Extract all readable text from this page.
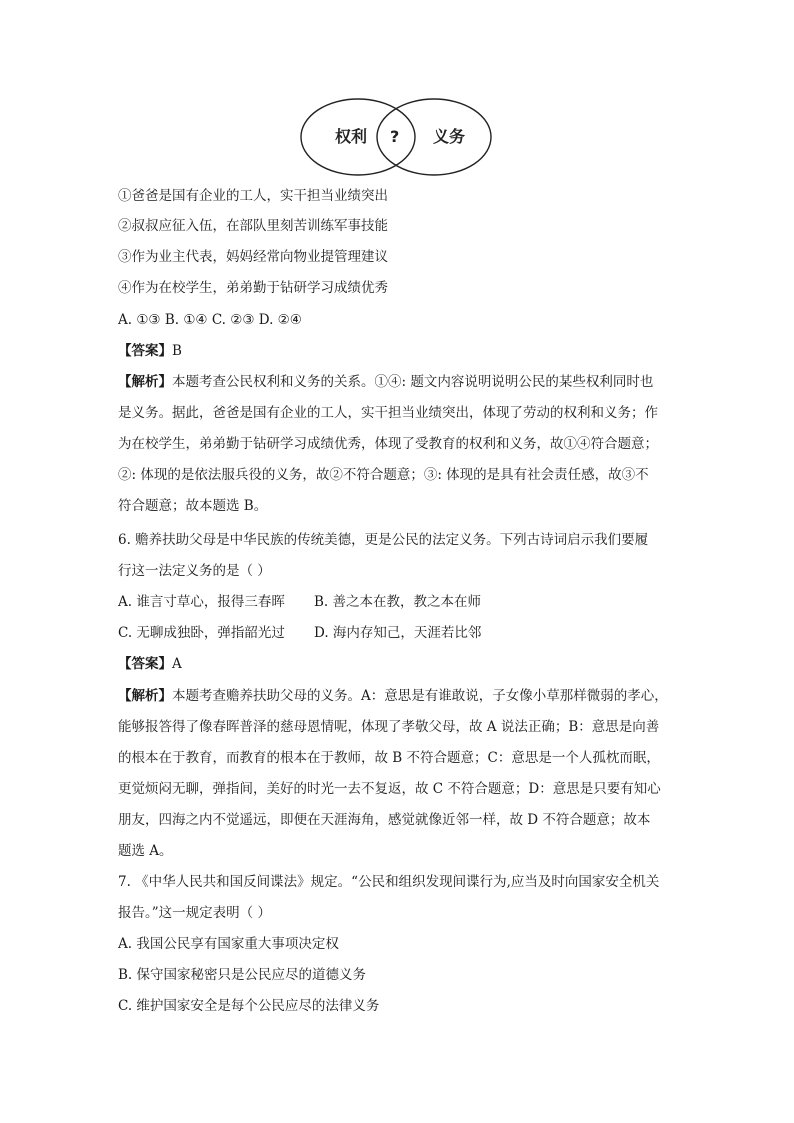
权利 ? 义务
①爸爸是国有企业的工人，实干担当业绩突出
②叔叔应征入伍，在部队里刻苦训练军事技能
③作为业主代表，妈妈经常向物业提管理建议
④作为在校学生，弟弟勤于钻研学习成绩优秀
A. ①③ B. ①④ C. ②③ D. ②④
【答案】B
【解析】本题考查公民权利和义务的关系。①④: 题文内容说明说明公民的某些权利同时也
是义务。据此，爸爸是国有企业的工人，实干担当业绩突出，体现了劳动的权利和义务；作
为在校学生，弟弟勤于钻研学习成绩优秀，体现了受教育的权利和义务，故①④符合题意；
②: 体现的是依法服兵役的义务，故②不符合题意；③: 体现的是具有社会责任感，故③不
符合题意；故本题选 B。
6. 赡养扶助父母是中华民族的传统美德，更是公民的法定义务。下列古诗词启示我们要履
行这一法定义务的是（ ）
A. 谁言寸草心，报得三春晖 B. 善之本在教，教之本在师
C. 无聊成独卧，弹指韶光过 D. 海内存知己，天涯若比邻
【答案】A
【解析】本题考查赡养扶助父母的义务。A：意思是有谁敢说，子女像小草那样微弱的孝心，
能够报答得了像春晖普泽的慈母恩情呢，体现了孝敬父母，故 A 说法正确；B：意思是向善
的根本在于教育，而教育的根本在于教师，故 B 不符合题意；C：意思是一个人孤枕而眠，
更觉烦闷无聊，弹指间，美好的时光一去不复返，故 C 不符合题意；D：意思是只要有知心
朋友，四海之内不觉遥远，即便在天涯海角，感觉就像近邻一样，故 D 不符合题意；故本
题选 A。
7. 《中华人民共和国反间谍法》规定。“公民和组织发现间谍行为,应当及时向国家安全机关
报告。”这一规定表明（ ）
A. 我国公民享有国家重大事项决定权
B. 保守国家秘密只是公民应尽的道德义务
C. 维护国家安全是每个公民应尽的法律义务
